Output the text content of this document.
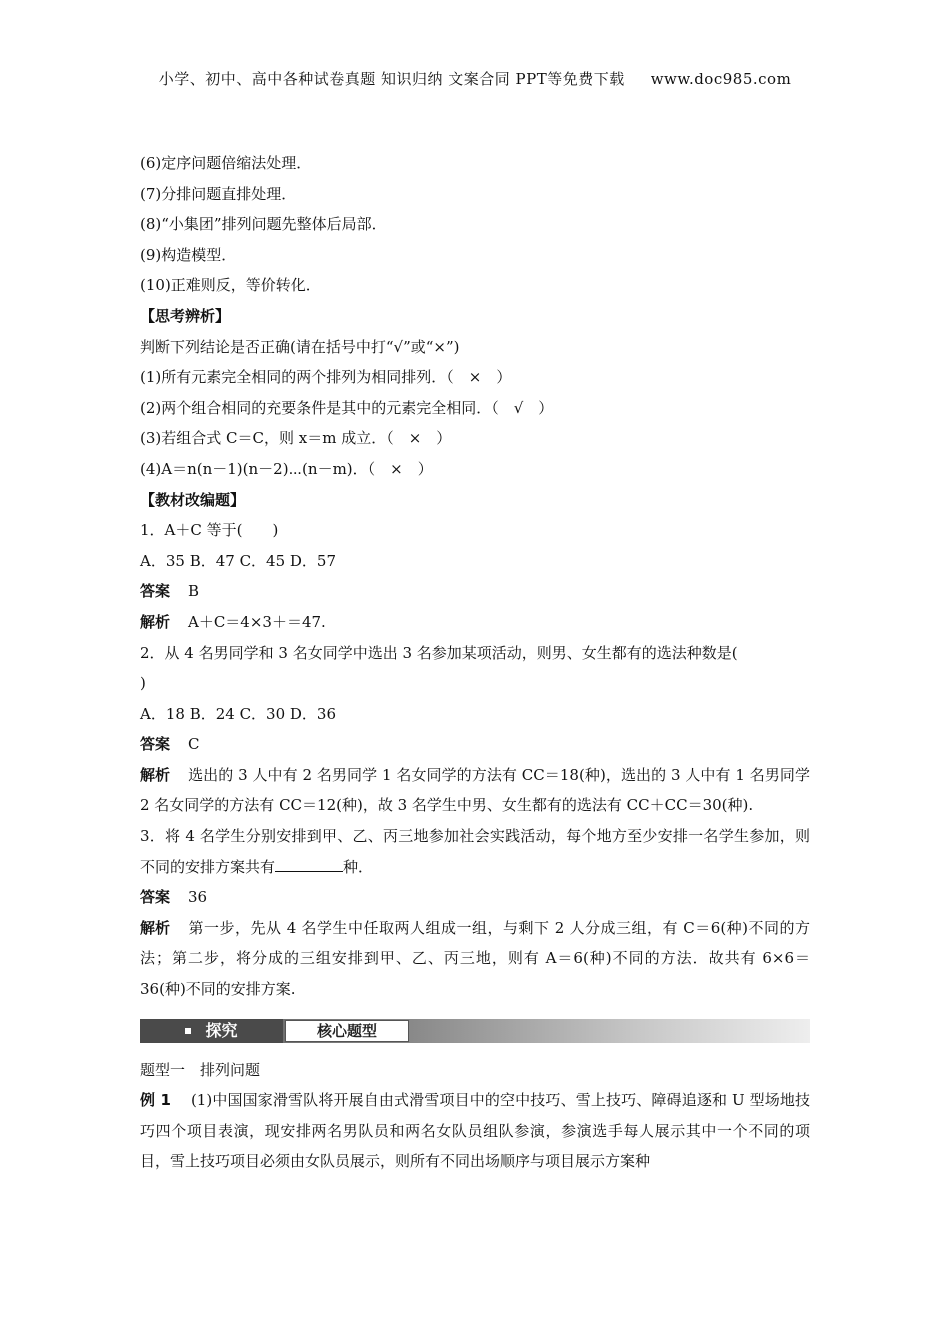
小学、初中、高中各种试卷真题 知识归纳 文案合同 PPT等免费下载 www.doc985.com
(6)定序问题倍缩法处理．
(7)分排问题直排处理．
(8)“小集团”排列问题先整体后局部．
(9)构造模型．
(10)正难则反，等价转化．
【思考辨析】
判断下列结论是否正确(请在括号中打“√”或“×”)
(1)所有元素完全相同的两个排列为相同排列．（　×　）
(2)两个组合相同的充要条件是其中的元素完全相同．（　√　）
(3)若组合式 C＝C，则 x＝m 成立．（　×　）
(4)A＝n(n－1)(n－2)⋯(n－m)．（　×　）
【教材改编题】
1．A＋C 等于(　　)
A．35 B．47 C．45 D．57
答案 B
解析 A＋C＝4×3＋＝47.
2．从 4 名男同学和 3 名女同学中选出 3 名参加某项活动，则男、女生都有的选法种数是(
)
A．18 B．24 C．30 D．36
答案 C
解析 选出的 3 人中有 2 名男同学 1 名女同学的方法有 CC＝18(种)，选出的 3 人中有 1 名男同学 2 名女同学的方法有 CC＝12(种)，故 3 名学生中男、女生都有的选法有 CC＋CC＝30(种).
3．将 4 名学生分别安排到甲、乙、丙三地参加社会实践活动，每个地方至少安排一名学生参加，则不同的安排方案共有	种．
答案 36
解析 第一步，先从 4 名学生中任取两人组成一组，与剩下 2 人分成三组，有 C＝6(种)不同的方法；第二步，将分成的三组安排到甲、乙、丙三地，则有 A＝6(种)不同的方法．故共有 6×6＝36(种)不同的安排方案.
探究	核心题型
题型一　排列问题
例 1 (1)中国国家滑雪队将开展自由式滑雪项目中的空中技巧、雪上技巧、障碍追逐和 U 型场地技巧四个项目表演，现安排两名男队员和两名女队员组队参演，参演选手每人展示其中一个不同的项目，雪上技巧项目必须由女队员展示，则所有不同出场顺序与项目展示方案种
